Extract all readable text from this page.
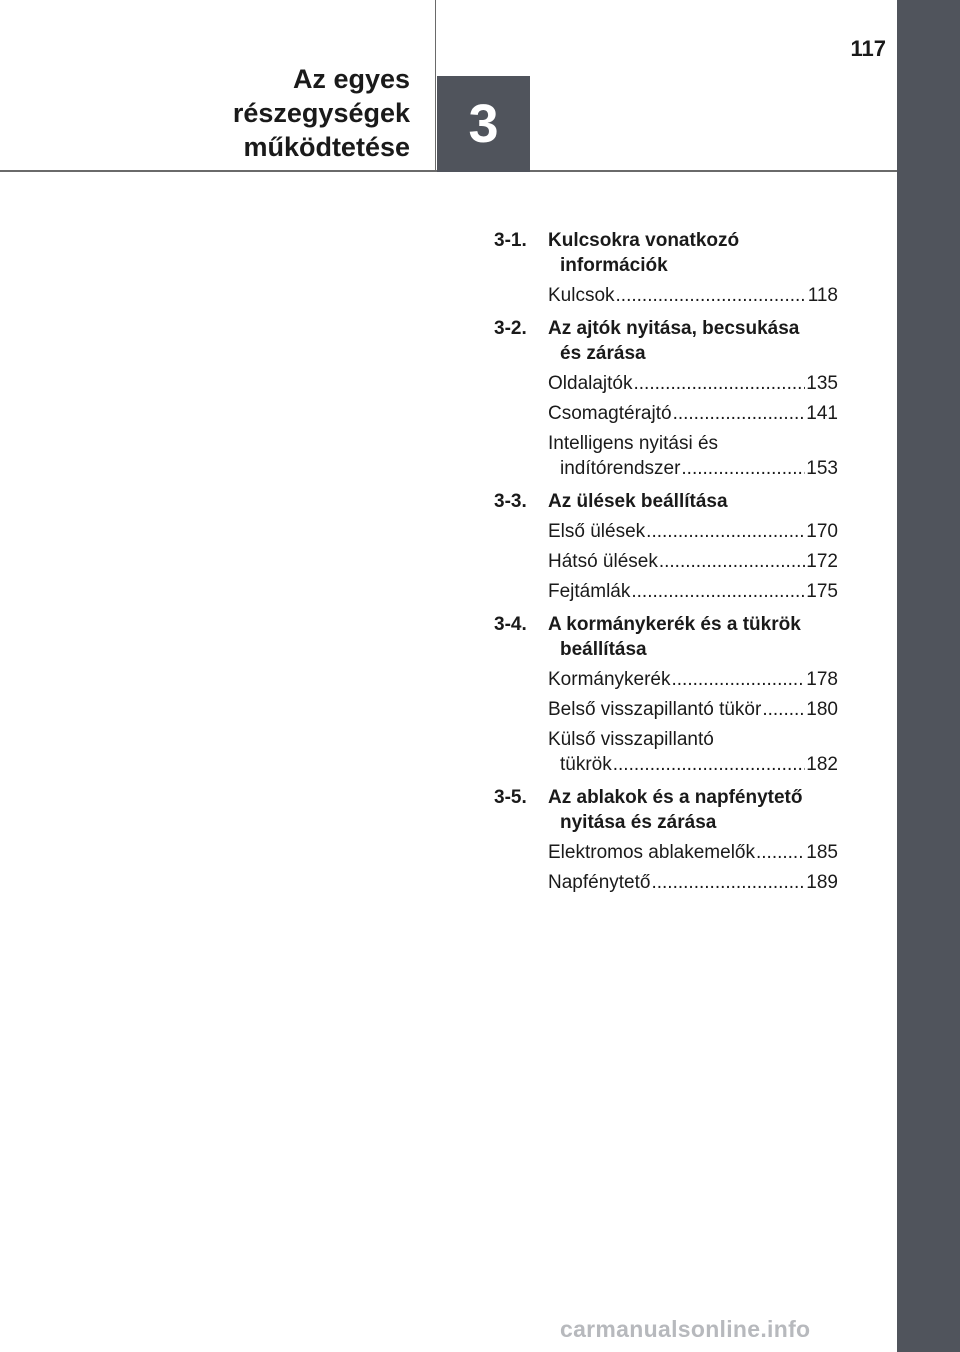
117
Az egyes
részegységek
működtetése 3
3-1.	Kulcsokra vonatkozó
információk
Kulcsok .....	118
3-2.	Az ajtók nyitása, becsukása
és zárása
Oldalajtók .....	135
Csomagtérajtó .....	141
Intelligens nyitási és
indítórendszer .....	153
3-3.	Az ülések beállítása
Első ülések .....	170
Hátsó ülések .....	172
Fejtámlák .....	175
3-4.	A kormánykerék és a tükrök
beállítása
Kormánykerék .....	178
Belső visszapillantó tükör ..... 180
Külső visszapillantó
tükrök .....	182
3-5.	Az ablakok és a napfénytető
nyitása és zárása
Elektromos ablakemelők .....	185
Napfénytető .....	189
carmanualsonline.info
